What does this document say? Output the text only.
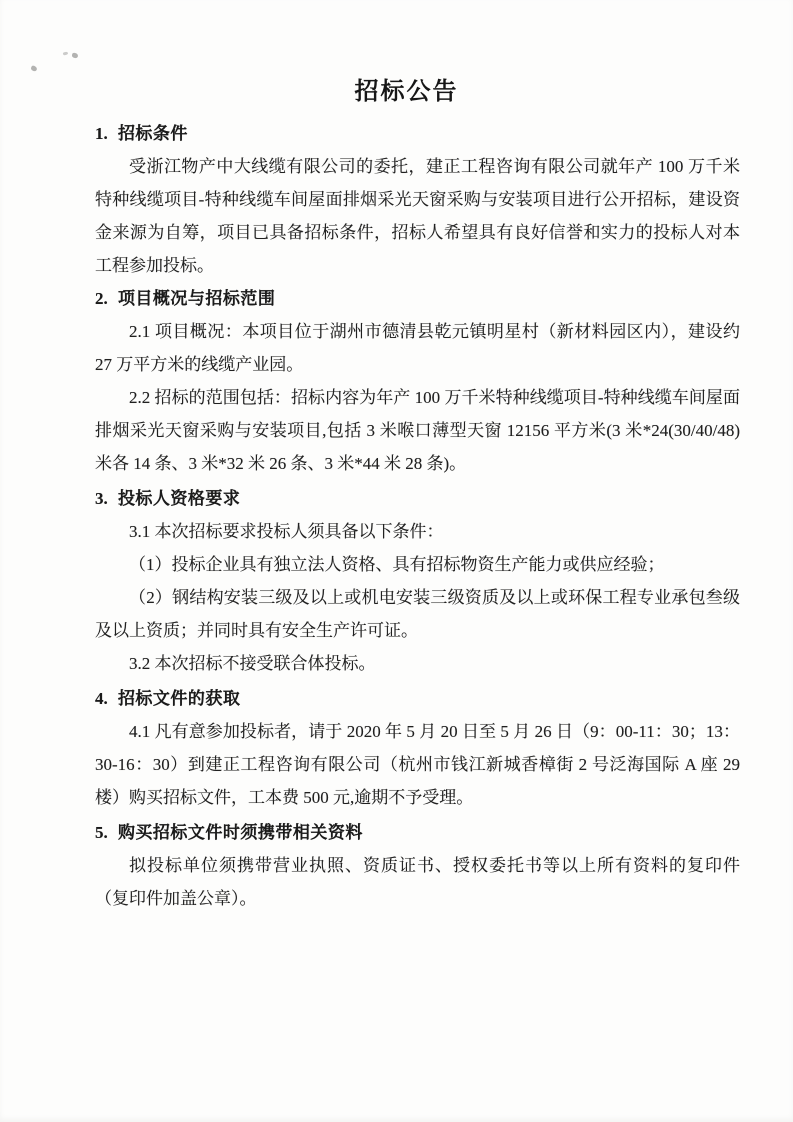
招标公告
1. 招标条件

受浙江物产中大线缆有限公司的委托，建正工程咨询有限公司就年产 100 万千米特种线缆项目-特种线缆车间屋面排烟采光天窗采购与安装项目进行公开招标，建设资金来源为自筹，项目已具备招标条件，招标人希望具有良好信誉和实力的投标人对本工程参加投标。

2. 项目概况与招标范围

2.1 项目概况：本项目位于湖州市德清县乾元镇明星村（新材料园区内），建设约 27 万平方米的线缆产业园。

2.2 招标的范围包括：招标内容为年产 100 万千米特种线缆项目-特种线缆车间屋面排烟采光天窗采购与安装项目,包括 3 米喉口薄型天窗 12156 平方米(3 米*24(30/40/48) 米各 14 条、3 米*32 米 26 条、3 米*44 米 28 条)。

3. 投标人资格要求

3.1 本次招标要求投标人须具备以下条件：

（1）投标企业具有独立法人资格、具有招标物资生产能力或供应经验；

（2）钢结构安装三级及以上或机电安装三级资质及以上或环保工程专业承包叁级及以上资质；并同时具有安全生产许可证。

3.2 本次招标不接受联合体投标。

4. 招标文件的获取

4.1 凡有意参加投标者，请于 2020 年 5 月 20 日至 5 月 26 日（9：00-11：30；13：30-16：30）到建正工程咨询有限公司（杭州市钱江新城香樟街 2 号泛海国际 A 座 29 楼）购买招标文件，工本费 500 元,逾期不予受理。

5. 购买招标文件时须携带相关资料

拟投标单位须携带营业执照、资质证书、授权委托书等以上所有资料的复印件（复印件加盖公章）。
